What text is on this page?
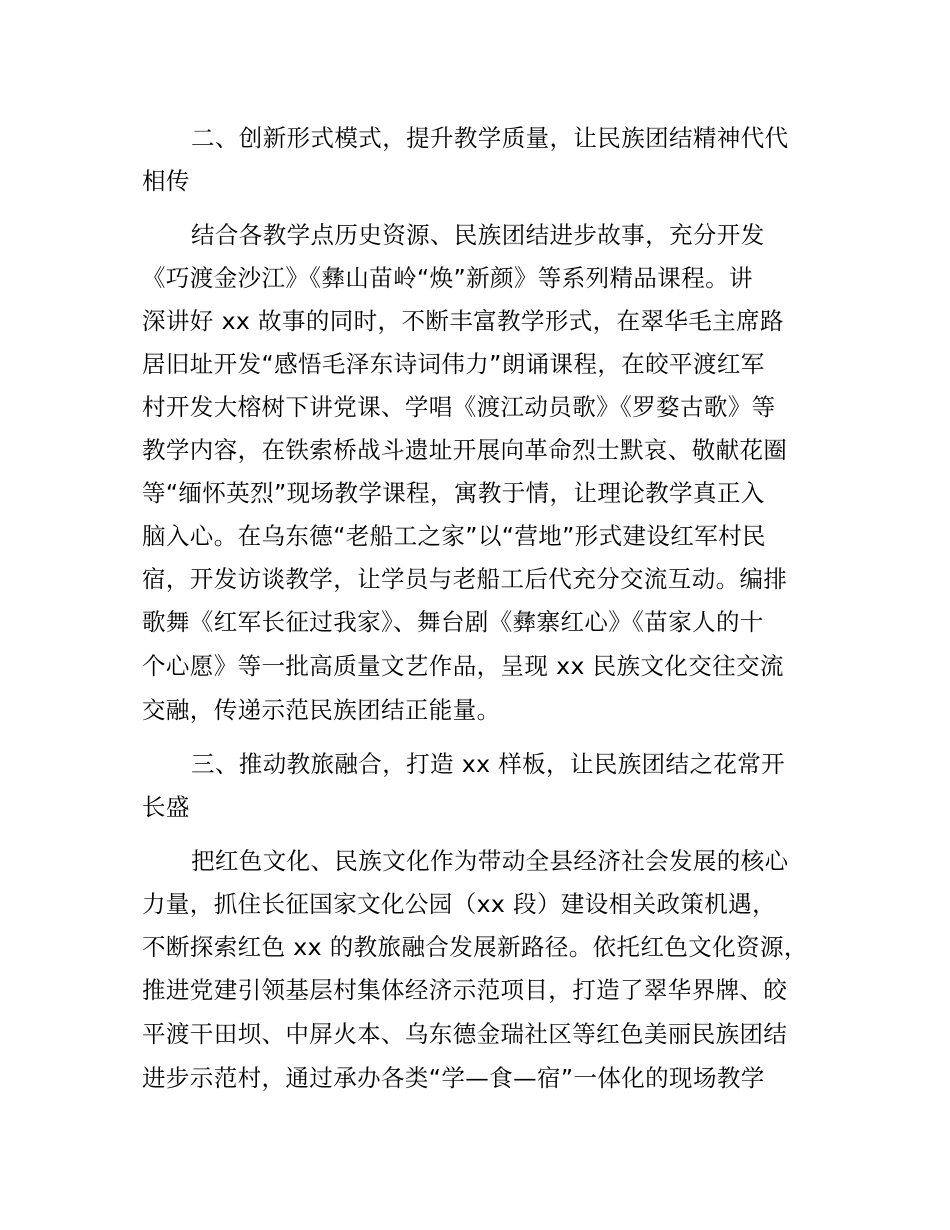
二、创新形式模式，提升教学质量，让民族团结精神代代
相传
结合各教学点历史资源、民族团结进步故事，充分开发
《巧渡金沙江》《彝山苗岭“焕”新颜》等系列精品课程。讲
深讲好 xx 故事的同时，不断丰富教学形式，在翠华毛主席路
居旧址开发“感悟毛泽东诗词伟力”朗诵课程，在皎平渡红军
村开发大榕树下讲党课、学唱《渡江动员歌》《罗婺古歌》等
教学内容，在铁索桥战斗遗址开展向革命烈士默哀、敬献花圈
等“缅怀英烈”现场教学课程，寓教于情，让理论教学真正入
脑入心。在乌东德“老船工之家”以“营地”形式建设红军村民
宿，开发访谈教学，让学员与老船工后代充分交流互动。编排
歌舞《红军长征过我家》、舞台剧《彝寨红心》《苗家人的十
个心愿》等一批高质量文艺作品，呈现 xx 民族文化交往交流
交融，传递示范民族团结正能量。
三、推动教旅融合，打造 xx 样板，让民族团结之花常开
长盛
把红色文化、民族文化作为带动全县经济社会发展的核心
力量，抓住长征国家文化公园（xx 段）建设相关政策机遇，
不断探索红色 xx 的教旅融合发展新路径。依托红色文化资源，
推进党建引领基层村集体经济示范项目，打造了翠华界牌、皎
平渡干田坝、中屏火本、乌东德金瑞社区等红色美丽民族团结
进步示范村，通过承办各类“学—食—宿”一体化的现场教学
